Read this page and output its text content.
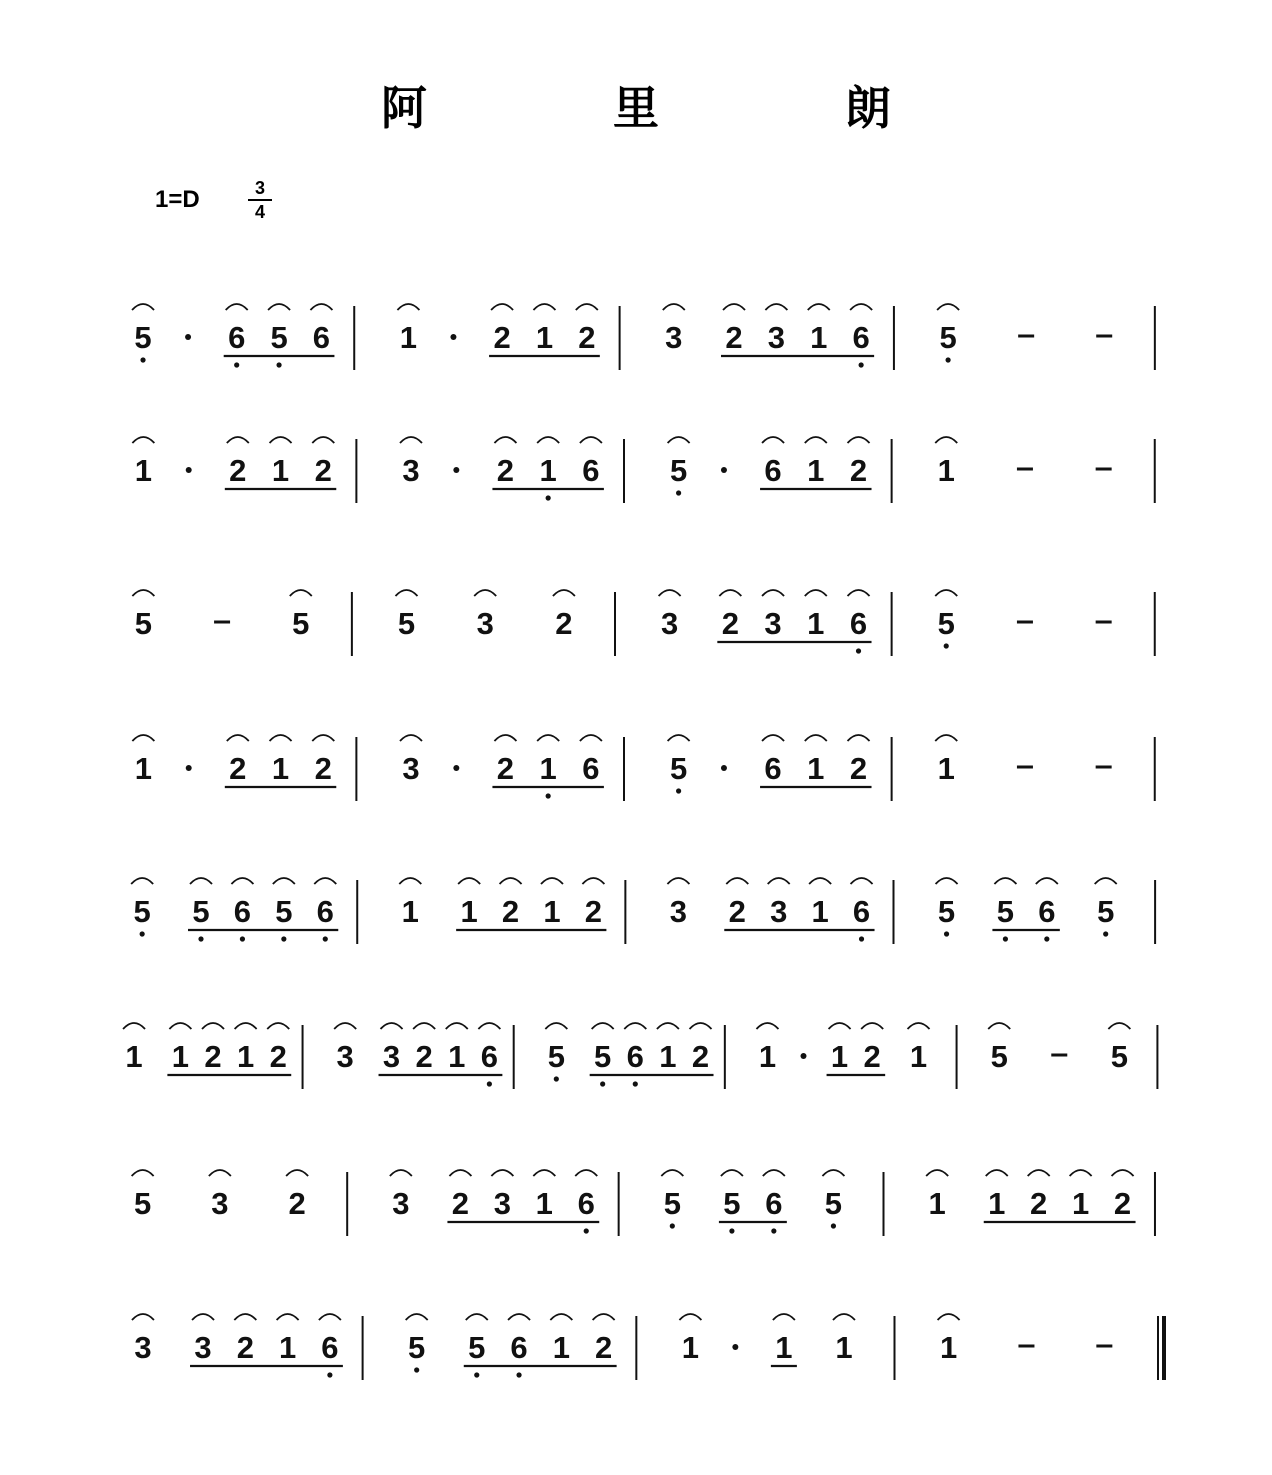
阿 里 朗
1=D	3
4
5 6 5 6 1 2 1 2 3 2 3 1 6 5
1 2 1 2 3 2 1 6 5 6 1 2 1
5	5	5 3 2	3 2 3 1 6 5
1 2 1 2 3 2 1 6 5 6 1 2 1
5 5 6 5 6 1 1 2 1 2 3 2 3 1 6 5 5 6 5
1 1 2 1 2 3 3 2 1 6 5 5 6 1 2 1 1 2 1 5	5
5 3 2	3 2 3 1 6 5 5 6 5	1 1 2 1 2
3 3 2 1 6 5 5 6 1 2 1 1 1	1
